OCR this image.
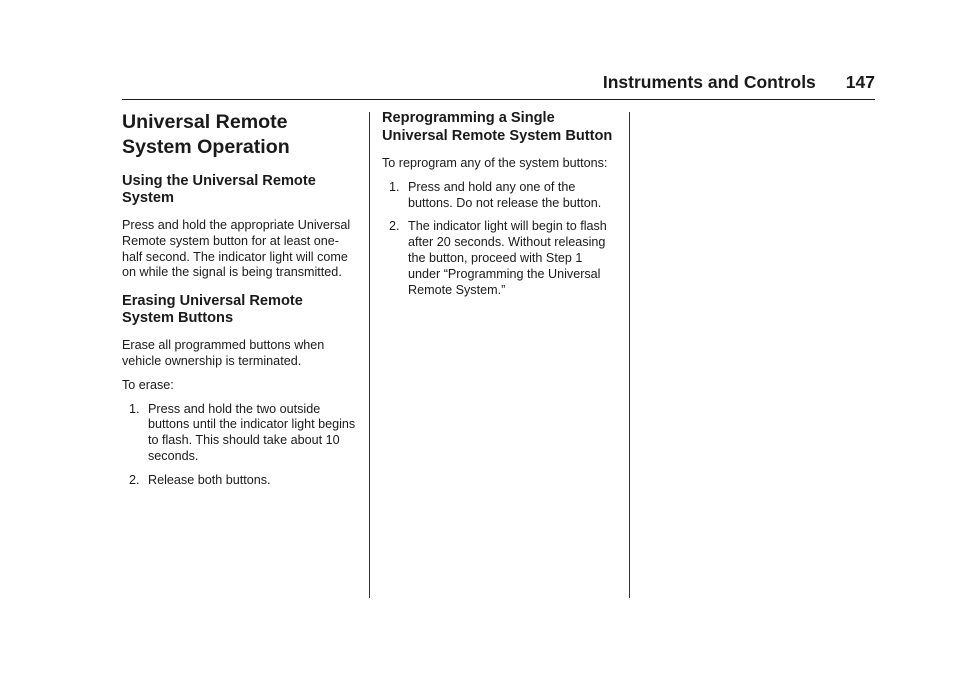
Instruments and Controls 147
Universal Remote System Operation
Using the Universal Remote System

Press and hold the appropriate Universal Remote system button for at least one-half second. The indicator light will come on while the signal is being transmitted.

Erasing Universal Remote System Buttons

Erase all programmed buttons when vehicle ownership is terminated.

To erase:

1. Press and hold the two outside buttons until the indicator light begins to flash. This should take about 10 seconds.
2. Release both buttons.
Reprogramming a Single Universal Remote System Button

To reprogram any of the system buttons:

1. Press and hold any one of the buttons. Do not release the button.
2. The indicator light will begin to flash after 20 seconds. Without releasing the button, proceed with Step 1 under “Programming the Universal Remote System.”
